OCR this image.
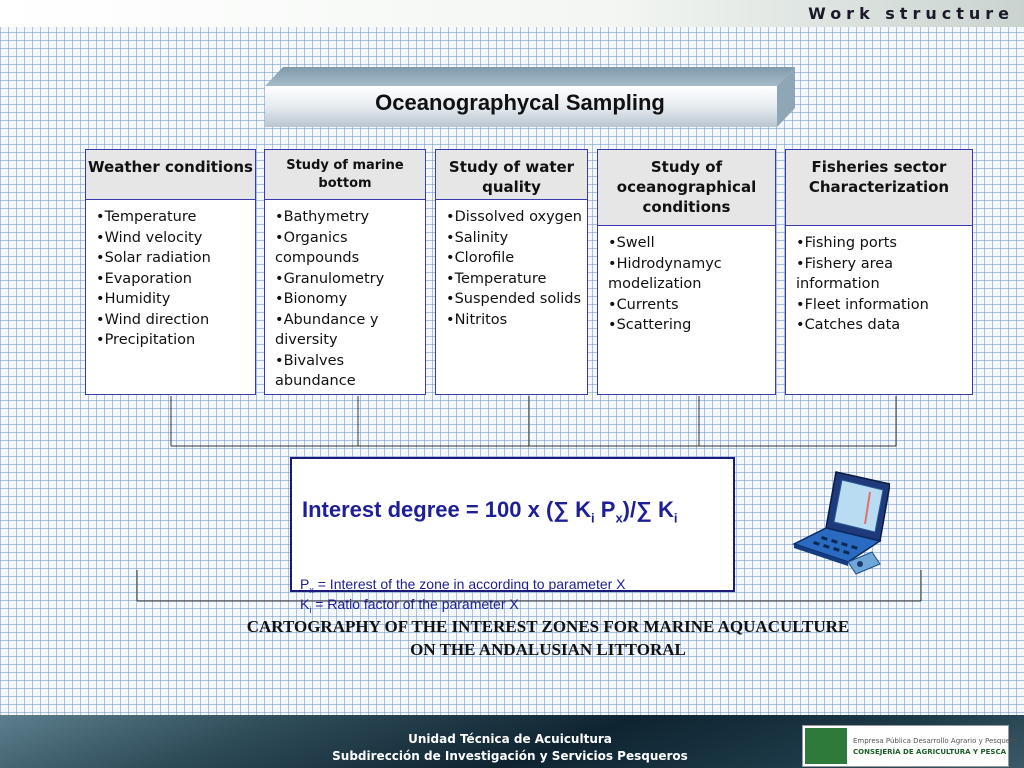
Work structure
Oceanographycal Sampling
Weather conditions
• Temperature
• Wind velocity
• Solar radiation
• Evaporation
• Humidity
• Wind direction
• Precipitation
Study of marine bottom
• Bathymetry
• Organics compounds
• Granulometry
• Bionomy
• Abundance y diversity
• Bivalves abundance
Study of water quality
• Dissolved oxygen
• Salinity
• Clorofile
• Temperature
• Suspended solids
• Nitritos
Study of oceanographical conditions
• Swell
• Hidrodynamyc modelization
• Currents
• Scattering
Fisheries sector Characterization
• Fishing ports
• Fishery area information
• Fleet information
• Catches data
Interest degree = 100 x (∑ $K_i$ $P_x)/\sum$ $K_i$
$P_x$ = Interest of the zone in according to parameter X
$K_i$ = Ratio factor of the parameter X
CARTOGRAPHY OF THE INTEREST ZONES FOR MARINE AQUACULTURE
ON THE ANDALUSIAN LITTORAL
Unidad Técnica de Acuicultura
Subdirección de Investigación y Servicios Pesqueros
Empresa Pública Desarrollo Agrario y Pesquero
CONSEJERÍA DE AGRICULTURA Y PESCA
